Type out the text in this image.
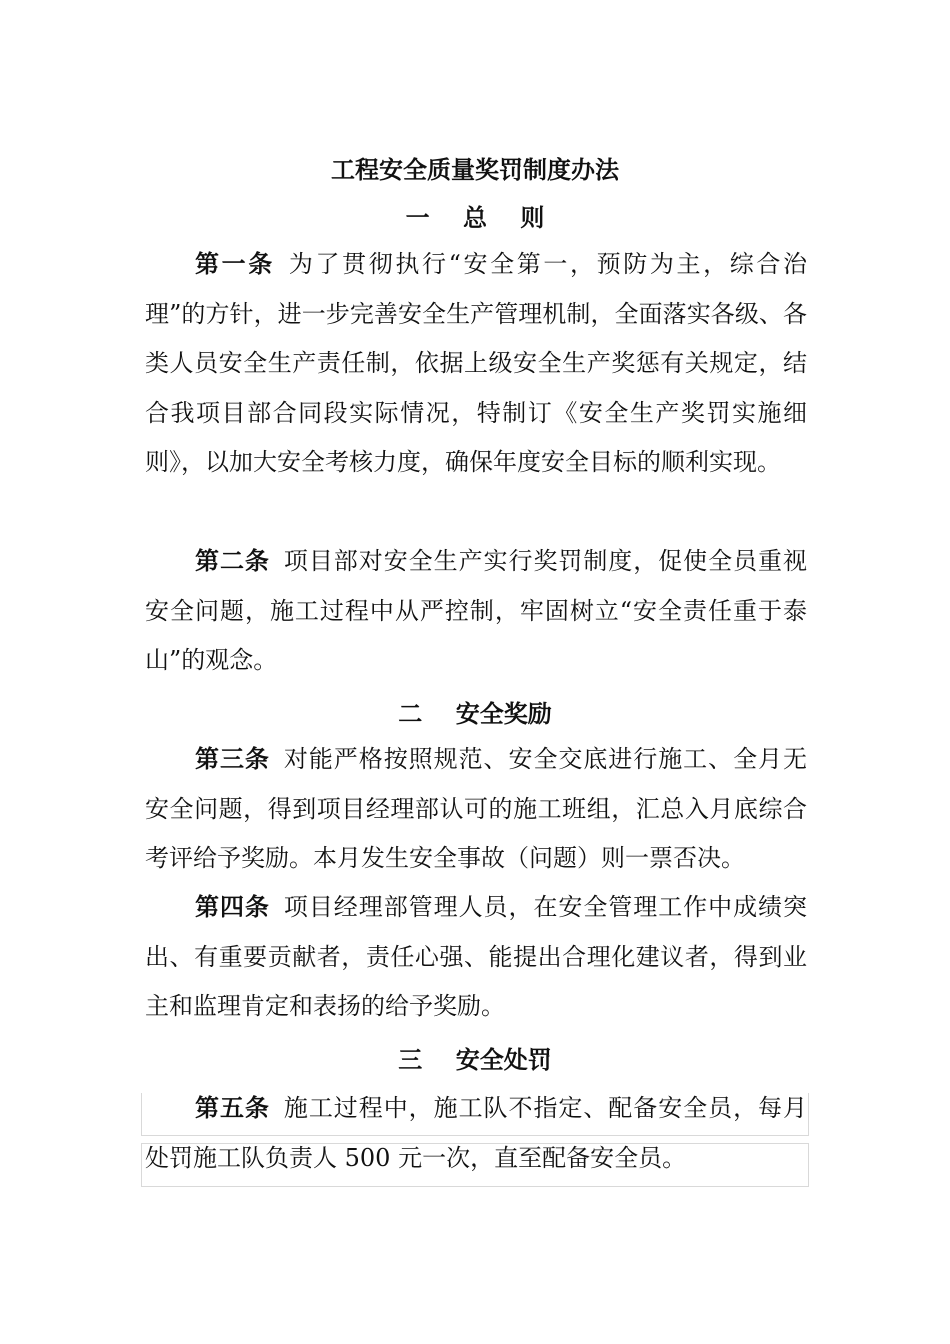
工程安全质量奖罚制度办法
一    总    则

第一条 为了贯彻执行“安全第一，预防为主，综合治理”的方针，进一步完善安全生产管理机制，全面落实各级、各类人员安全生产责任制，依据上级安全生产奖惩有关规定，结合我项目部合同段实际情况，特制订《安全生产奖罚实施细则》，以加大安全考核力度，确保年度安全目标的顺利实现。

第二条 项目部对安全生产实行奖罚制度，促使全员重视安全问题，施工过程中从严控制，牢固树立“安全责任重于泰山”的观念。

二    安全奖励

第三条 对能严格按照规范、安全交底进行施工、全月无安全问题，得到项目经理部认可的施工班组，汇总入月底综合考评给予奖励。本月发生安全事故（问题）则一票否决。

第四条 项目经理部管理人员，在安全管理工作中成绩突出、有重要贡献者，责任心强、能提出合理化建议者，得到业主和监理肯定和表扬的给予奖励。

三    安全处罚

第五条 施工过程中，施工队不指定、配备安全员，每月处罚施工队负责人 500 元一次，直至配备安全员。
